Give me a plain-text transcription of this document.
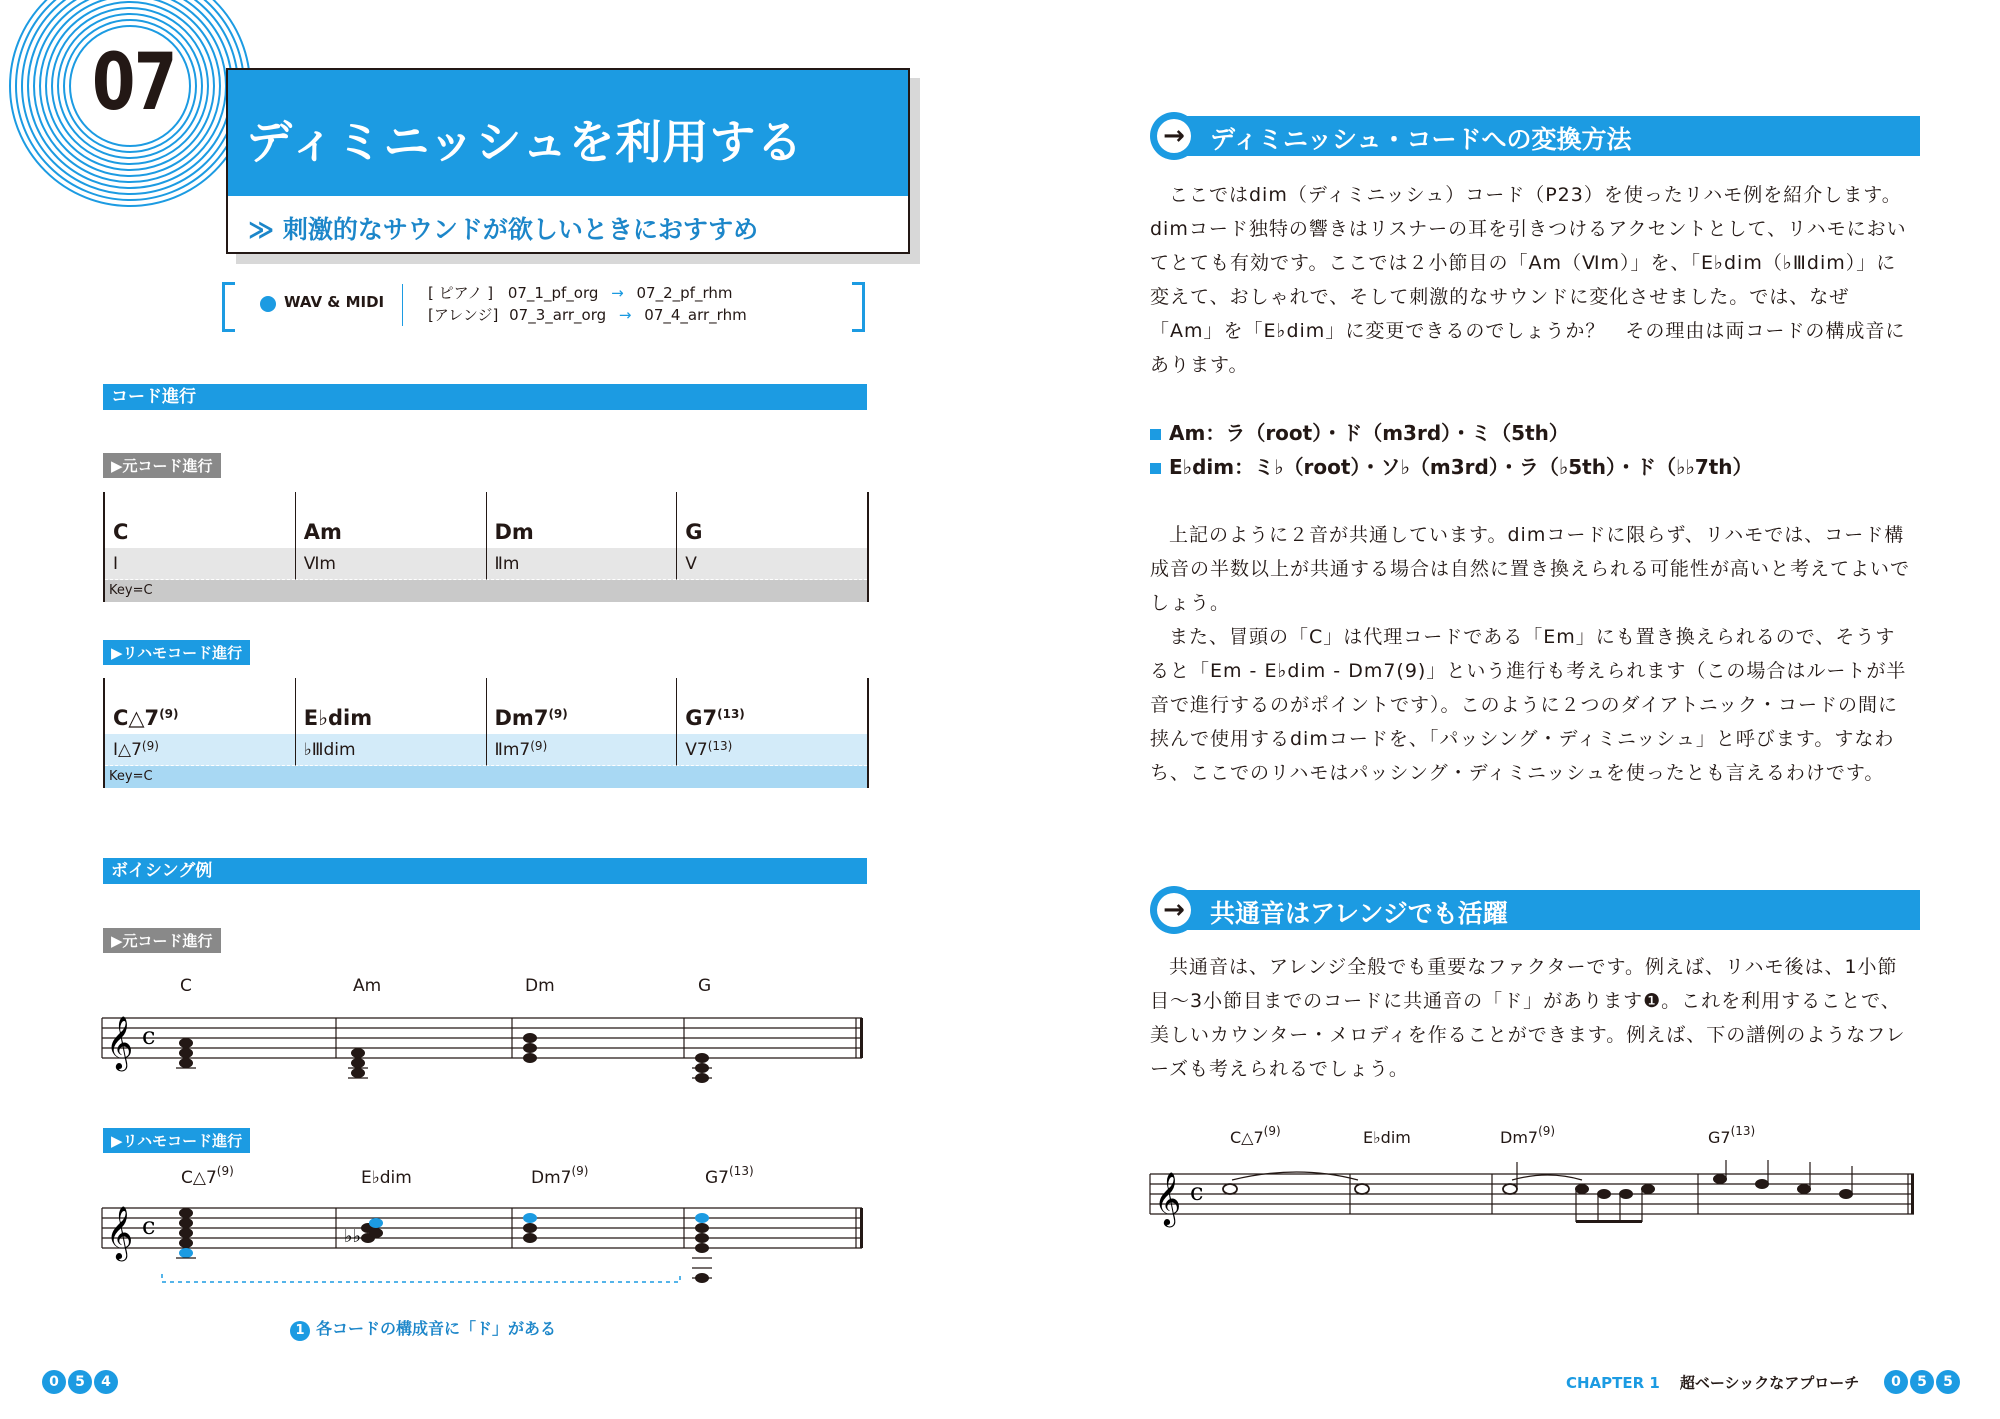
07
ディミニッシュを利用する
≫ 刺激的なサウンドが欲しいときにおすすめ
WAV & MIDI	[ ピアノ ] 07_1_pf_org → 07_2_pf_rhm
[アレンジ] 07_3_arr_org → 07_4_arr_rhm
コード進行
▶元コード進行
C	Am	Dm	G
Ⅰ	Ⅵm	Ⅱm	Ⅴ
Key=C
▶リハモコード進行
C△7$^{(9)}$	E♭dim	Dm7$^{(9)}$	G7$^{(13)}$
Ⅰ△7$^{(9)}$	♭Ⅲdim	Ⅱm7$^{(9)}$	Ⅴ7$^{(13)}$
Key=C
ボイシング例
▶元コード進行
C	Am	Dm	G
𝄞 c
▶リハモコード進行
C△7$^{(9)}$	E♭dim	Dm7$^{(9)}$	G7$^{(13)}$
𝄞 c	♭♭
1 各コードの構成音に「ド」がある
→ ディミニッシュ・コードへの変換方法

ここではdim（ディミニッシュ）コード（P23）を使ったリハモ例を紹介します。dimコード独特の響きはリスナーの耳を引きつけるアクセントとして、リハモにおいてとても有効です。ここでは２小節目の「Am（Ⅵm）」を、「E♭dim（♭Ⅲdim）」に変えて、おしゃれで、そして刺激的なサウンドに変化させました。では、なぜ「Am」を「E♭dim」に変更できるのでしょうか？　その理由は両コードの構成音にあります。

Am：ラ（root）・ド（m3rd）・ミ（5th）
E♭dim：ミ♭（root）・ソ♭（m3rd）・ラ（♭5th）・ド（♭♭7th）

上記のように２音が共通しています。dimコードに限らず、リハモでは、コード構成音の半数以上が共通する場合は自然に置き換えられる可能性が高いと考えてよいでしょう。

また、冒頭の「C」は代理コードである「Em」にも置き換えられるので、そうすると「Em - E♭dim - Dm7(9)」という進行も考えられます（この場合はルートが半音で進行するのがポイントです）。このように２つのダイアトニック・コードの間に挟んで使用するdimコードを、「パッシング・ディミニッシュ」と呼びます。すなわち、ここでのリハモはパッシング・ディミニッシュを使ったとも言えるわけです。

→ 共通音はアレンジでも活躍

共通音は、アレンジ全般でも重要なファクターです。例えば、リハモ後は、1小節目～3小節目までのコードに共通音の「ド」があります❶。これを利用することで、美しいカウンター・メロディを作ることができます。例えば、下の譜例のようなフレーズも考えられるでしょう。

C△7$^{(9)}$	E♭dim	Dm7$^{(9)}$	G7$^{(13)}$
𝄞 c
0	5	4	CHAPTER 1 超ベーシックなアプローチ	0	5	5
